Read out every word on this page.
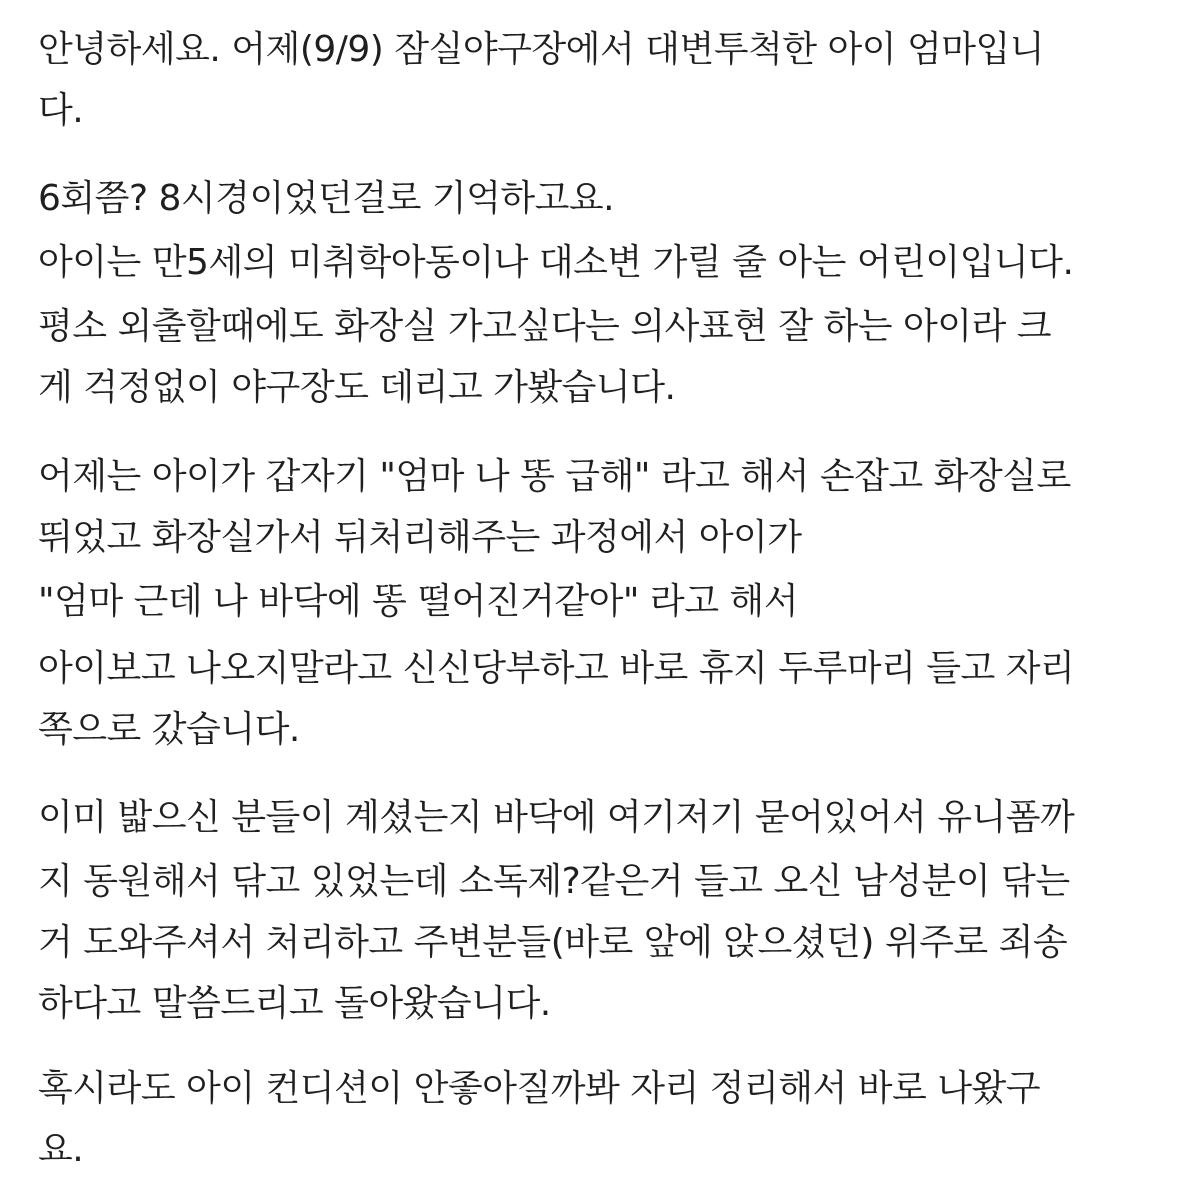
안녕하세요. 어제(9/9) 잠실야구장에서 대변투척한 아이 엄마입니
다.
6회쯤? 8시경이었던걸로 기억하고요.
아이는 만5세의 미취학아동이나 대소변 가릴 줄 아는 어린이입니다.
평소 외출할때에도 화장실 가고싶다는 의사표현 잘 하는 아이라 크
게 걱정없이 야구장도 데리고 가봤습니다.
어제는 아이가 갑자기 "엄마 나 똥 급해" 라고 해서 손잡고 화장실로
뛰었고 화장실가서 뒤처리해주는 과정에서 아이가
"엄마 근데 나 바닥에 똥 떨어진거같아" 라고 해서
아이보고 나오지말라고 신신당부하고 바로 휴지 두루마리 들고 자리
쪽으로 갔습니다.
이미 밟으신 분들이 계셨는지 바닥에 여기저기 묻어있어서 유니폼까
지 동원해서 닦고 있었는데 소독제?같은거 들고 오신 남성분이 닦는
거 도와주셔서 처리하고 주변분들(바로 앞에 앉으셨던) 위주로 죄송
하다고 말씀드리고 돌아왔습니다.
혹시라도 아이 컨디션이 안좋아질까봐 자리 정리해서 바로 나왔구
요.
